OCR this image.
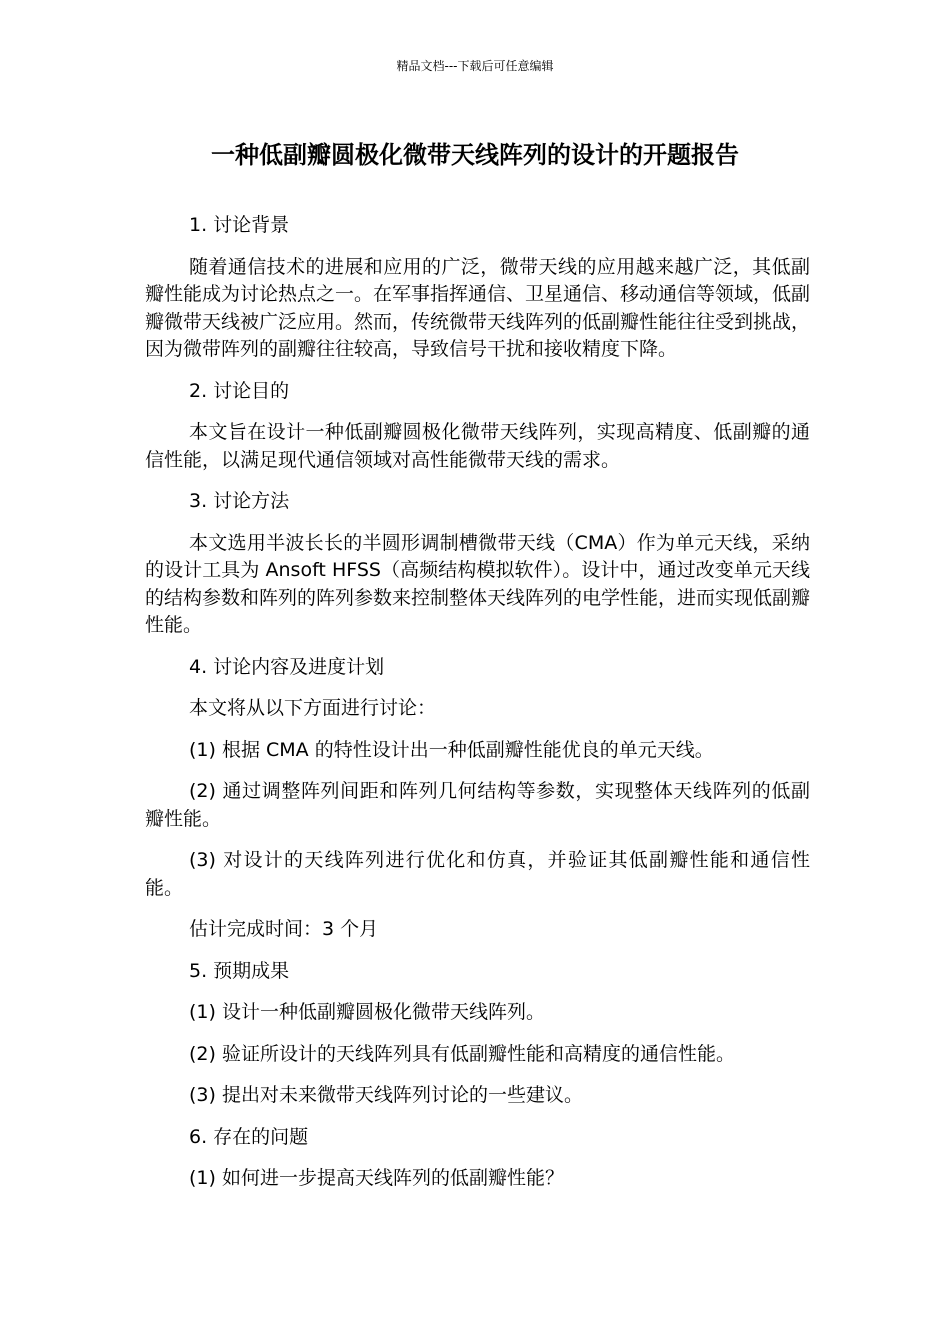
精品文档---下载后可任意编辑
一种低副瓣圆极化微带天线阵列的设计的开题报告

1. 讨论背景

随着通信技术的进展和应用的广泛，微带天线的应用越来越广泛，其低副瓣性能成为讨论热点之一。在军事指挥通信、卫星通信、移动通信等领域，低副瓣微带天线被广泛应用。然而，传统微带天线阵列的低副瓣性能往往受到挑战，因为微带阵列的副瓣往往较高，导致信号干扰和接收精度下降。

2. 讨论目的

本文旨在设计一种低副瓣圆极化微带天线阵列，实现高精度、低副瓣的通信性能，以满足现代通信领域对高性能微带天线的需求。

3. 讨论方法

本文选用半波长长的半圆形调制槽微带天线（CMA）作为单元天线，采纳的设计工具为 Ansoft HFSS（高频结构模拟软件）。设计中，通过改变单元天线的结构参数和阵列的阵列参数来控制整体天线阵列的电学性能，进而实现低副瓣性能。

4. 讨论内容及进度计划

本文将从以下方面进行讨论：

(1) 根据 CMA 的特性设计出一种低副瓣性能优良的单元天线。

(2) 通过调整阵列间距和阵列几何结构等参数，实现整体天线阵列的低副瓣性能。

(3) 对设计的天线阵列进行优化和仿真，并验证其低副瓣性能和通信性能。

估计完成时间：3 个月

5. 预期成果

(1) 设计一种低副瓣圆极化微带天线阵列。

(2) 验证所设计的天线阵列具有低副瓣性能和高精度的通信性能。

(3) 提出对未来微带天线阵列讨论的一些建议。

6. 存在的问题

(1) 如何进一步提高天线阵列的低副瓣性能？
